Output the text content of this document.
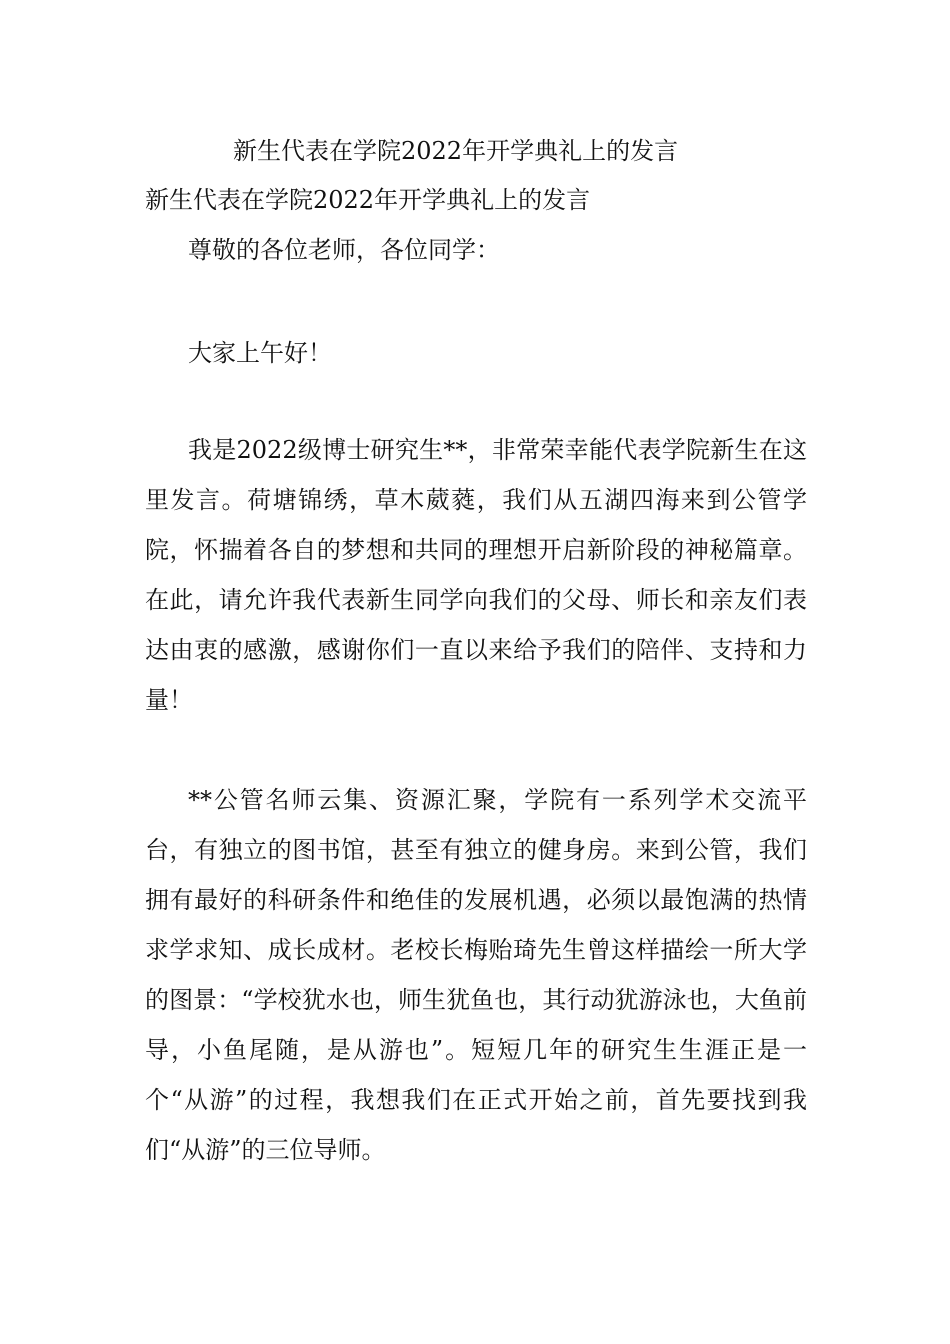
新生代表在学院2022年开学典礼上的发言
新生代表在学院2022年开学典礼上的发言
尊敬的各位老师，各位同学：
大家上午好！

我是2022级博士研究生**，非常荣幸能代表学院新生在这里发言。荷塘锦绣，草木葳蕤，我们从五湖四海来到公管学院，怀揣着各自的梦想和共同的理想开启新阶段的神秘篇章。在此，请允许我代表新生同学向我们的父母、师长和亲友们表达由衷的感激，感谢你们一直以来给予我们的陪伴、支持和力量！

**公管名师云集、资源汇聚，学院有一系列学术交流平台，有独立的图书馆，甚至有独立的健身房。来到公管，我们拥有最好的科研条件和绝佳的发展机遇，必须以最饱满的热情求学求知、成长成材。老校长梅贻琦先生曾这样描绘一所大学的图景：“学校犹水也，师生犹鱼也，其行动犹游泳也，大鱼前导，小鱼尾随，是从游也”。短短几年的研究生生涯正是一个“从游”的过程，我想我们在正式开始之前，首先要找到我们“从游”的三位导师。
